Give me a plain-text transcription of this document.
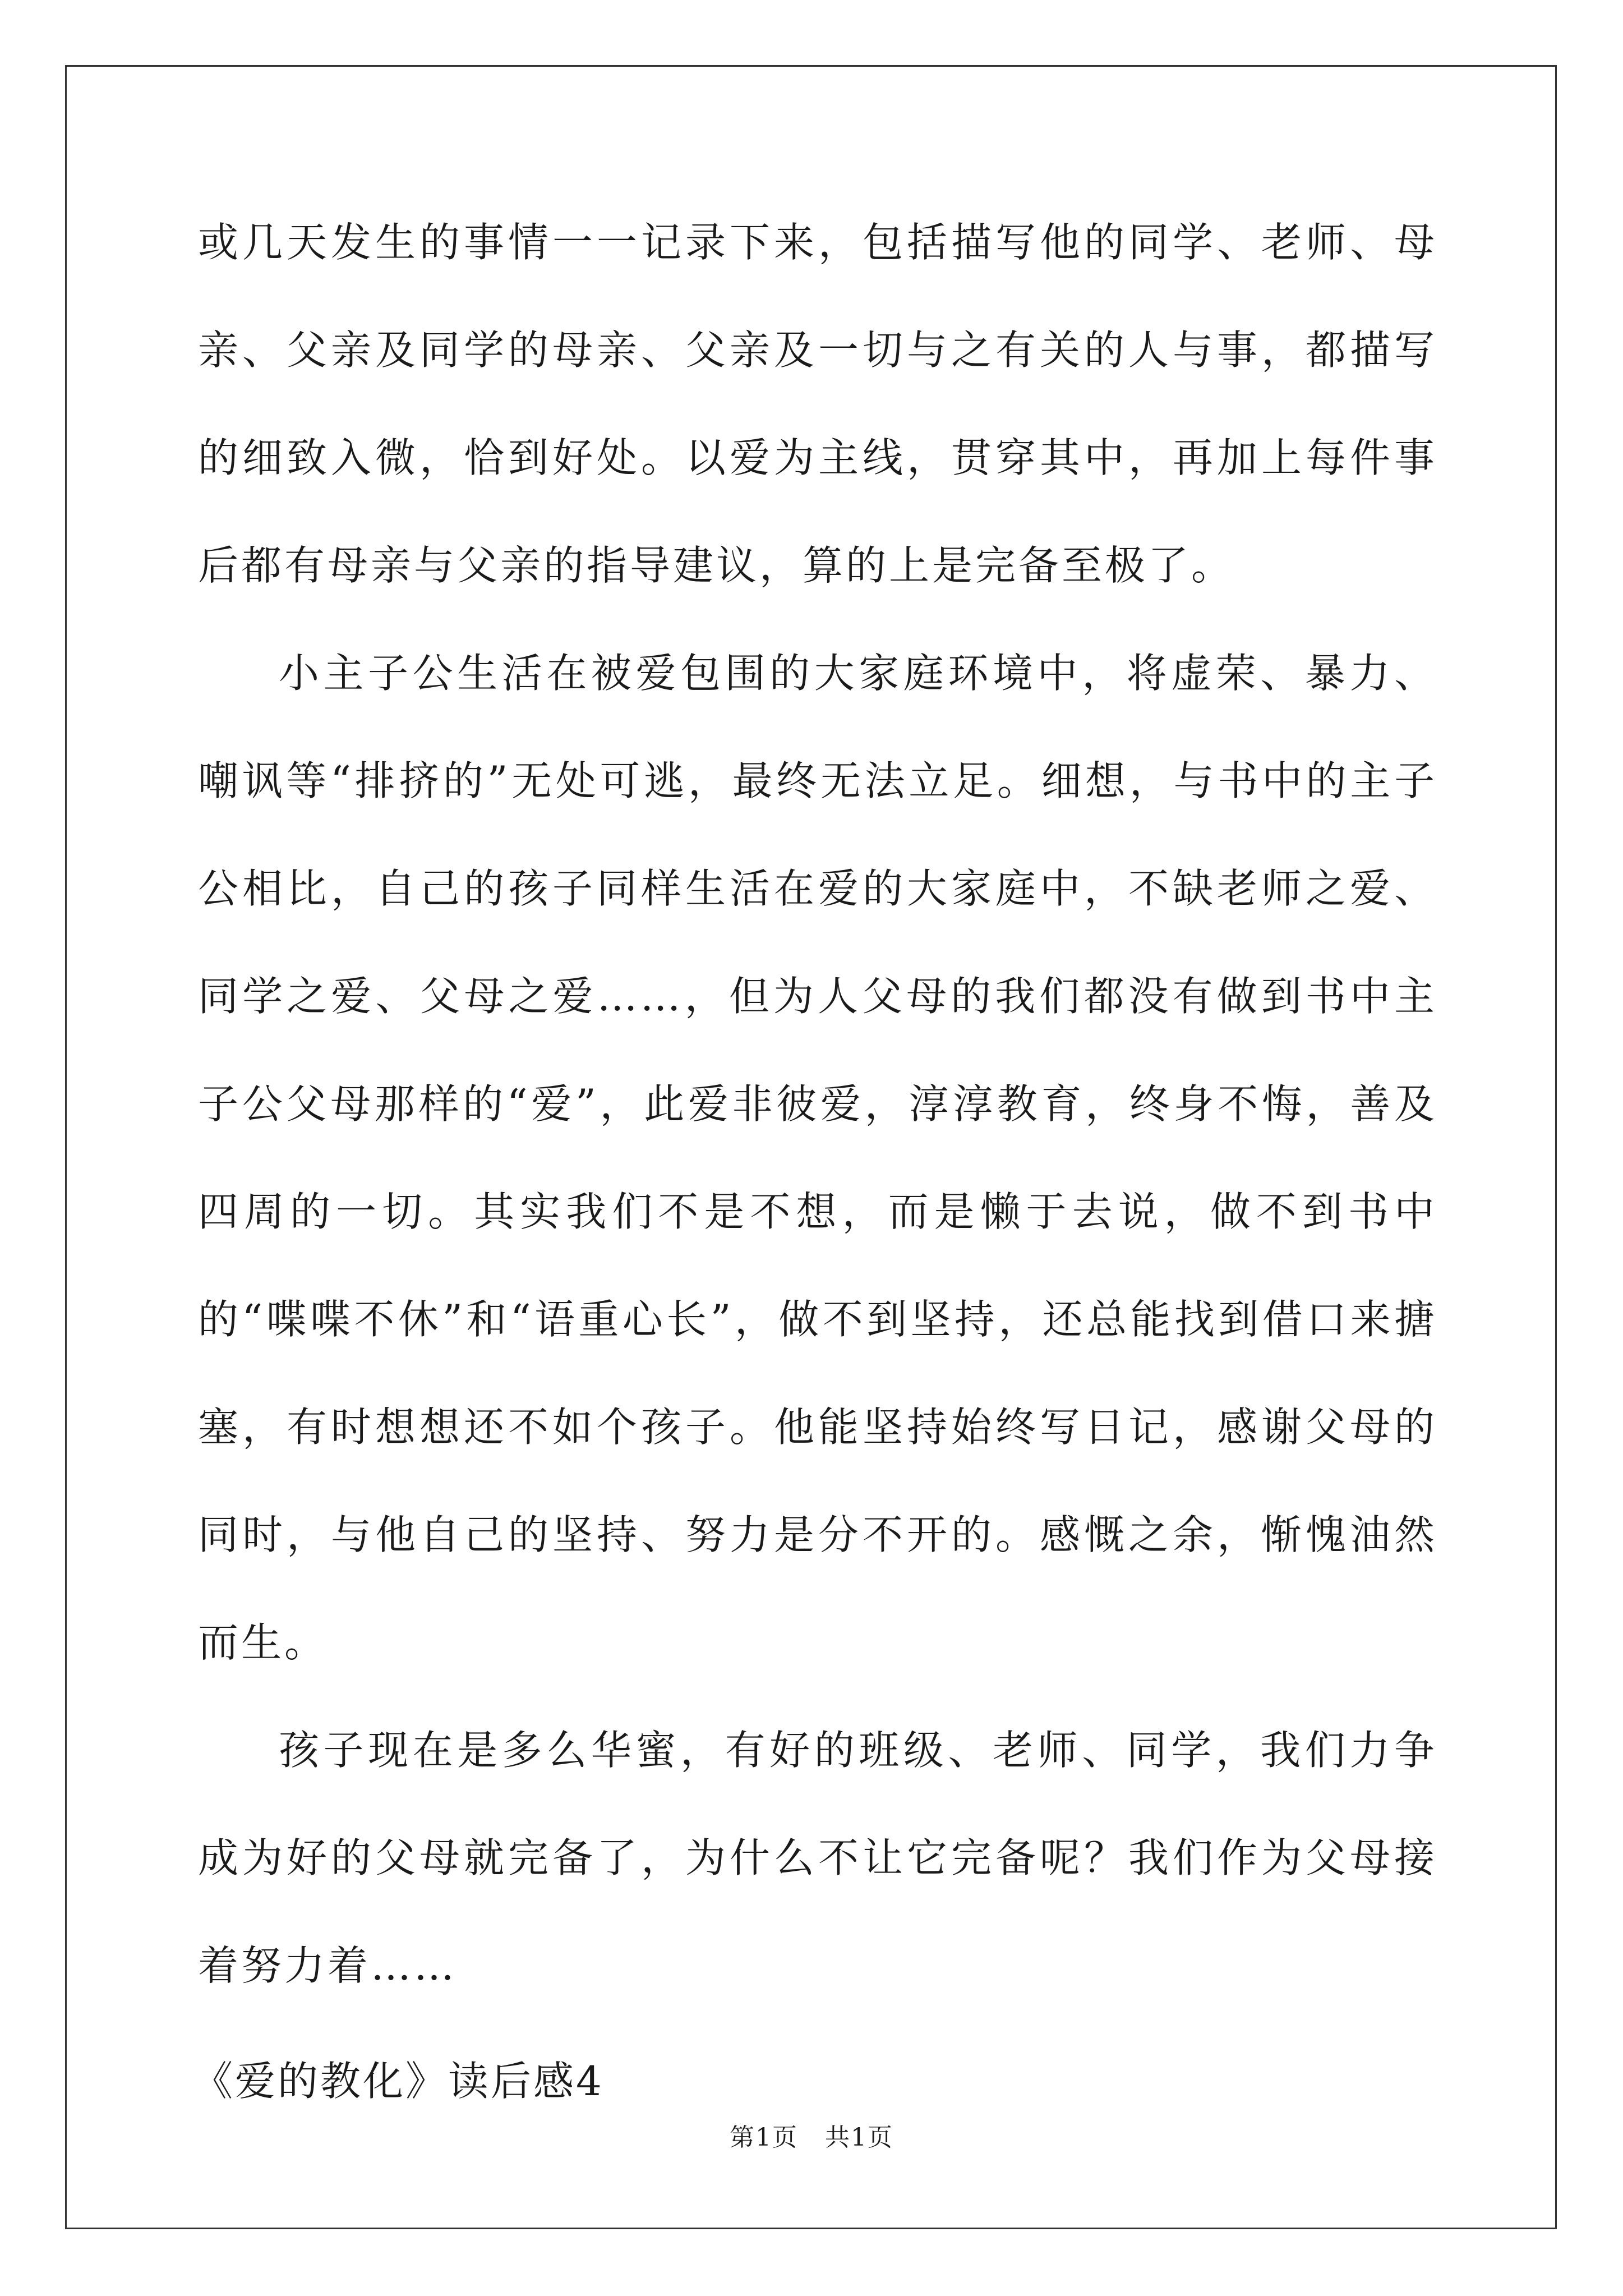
或几天发生的事情一一记录下来，包括描写他的同学、老师、母亲、父亲及同学的母亲、父亲及一切与之有关的人与事，都描写的细致入微，恰到好处。以爱为主线，贯穿其中，再加上每件事后都有母亲与父亲的指导建议，算的上是完备至极了。

小主子公生活在被爱包围的大家庭环境中，将虚荣、暴力、嘲讽等“排挤的”无处可逃，最终无法立足。细想，与书中的主子公相比，自己的孩子同样生活在爱的大家庭中，不缺老师之爱、同学之爱、父母之爱……，但为人父母的我们都没有做到书中主子公父母那样的“爱”，此爱非彼爱，淳淳教育，终身不悔，善及四周的一切。其实我们不是不想，而是懒于去说，做不到书中的“喋喋不休”和“语重心长”，做不到坚持，还总能找到借口来搪塞，有时想想还不如个孩子。他能坚持始终写日记，感谢父母的同时，与他自己的坚持、努力是分不开的。感慨之余，惭愧油然而生。

孩子现在是多么华蜜，有好的班级、老师、同学，我们力争成为好的父母就完备了，为什么不让它完备呢？我们作为父母接着努力着……

《爱的教化》读后感4

第1页 共1页
